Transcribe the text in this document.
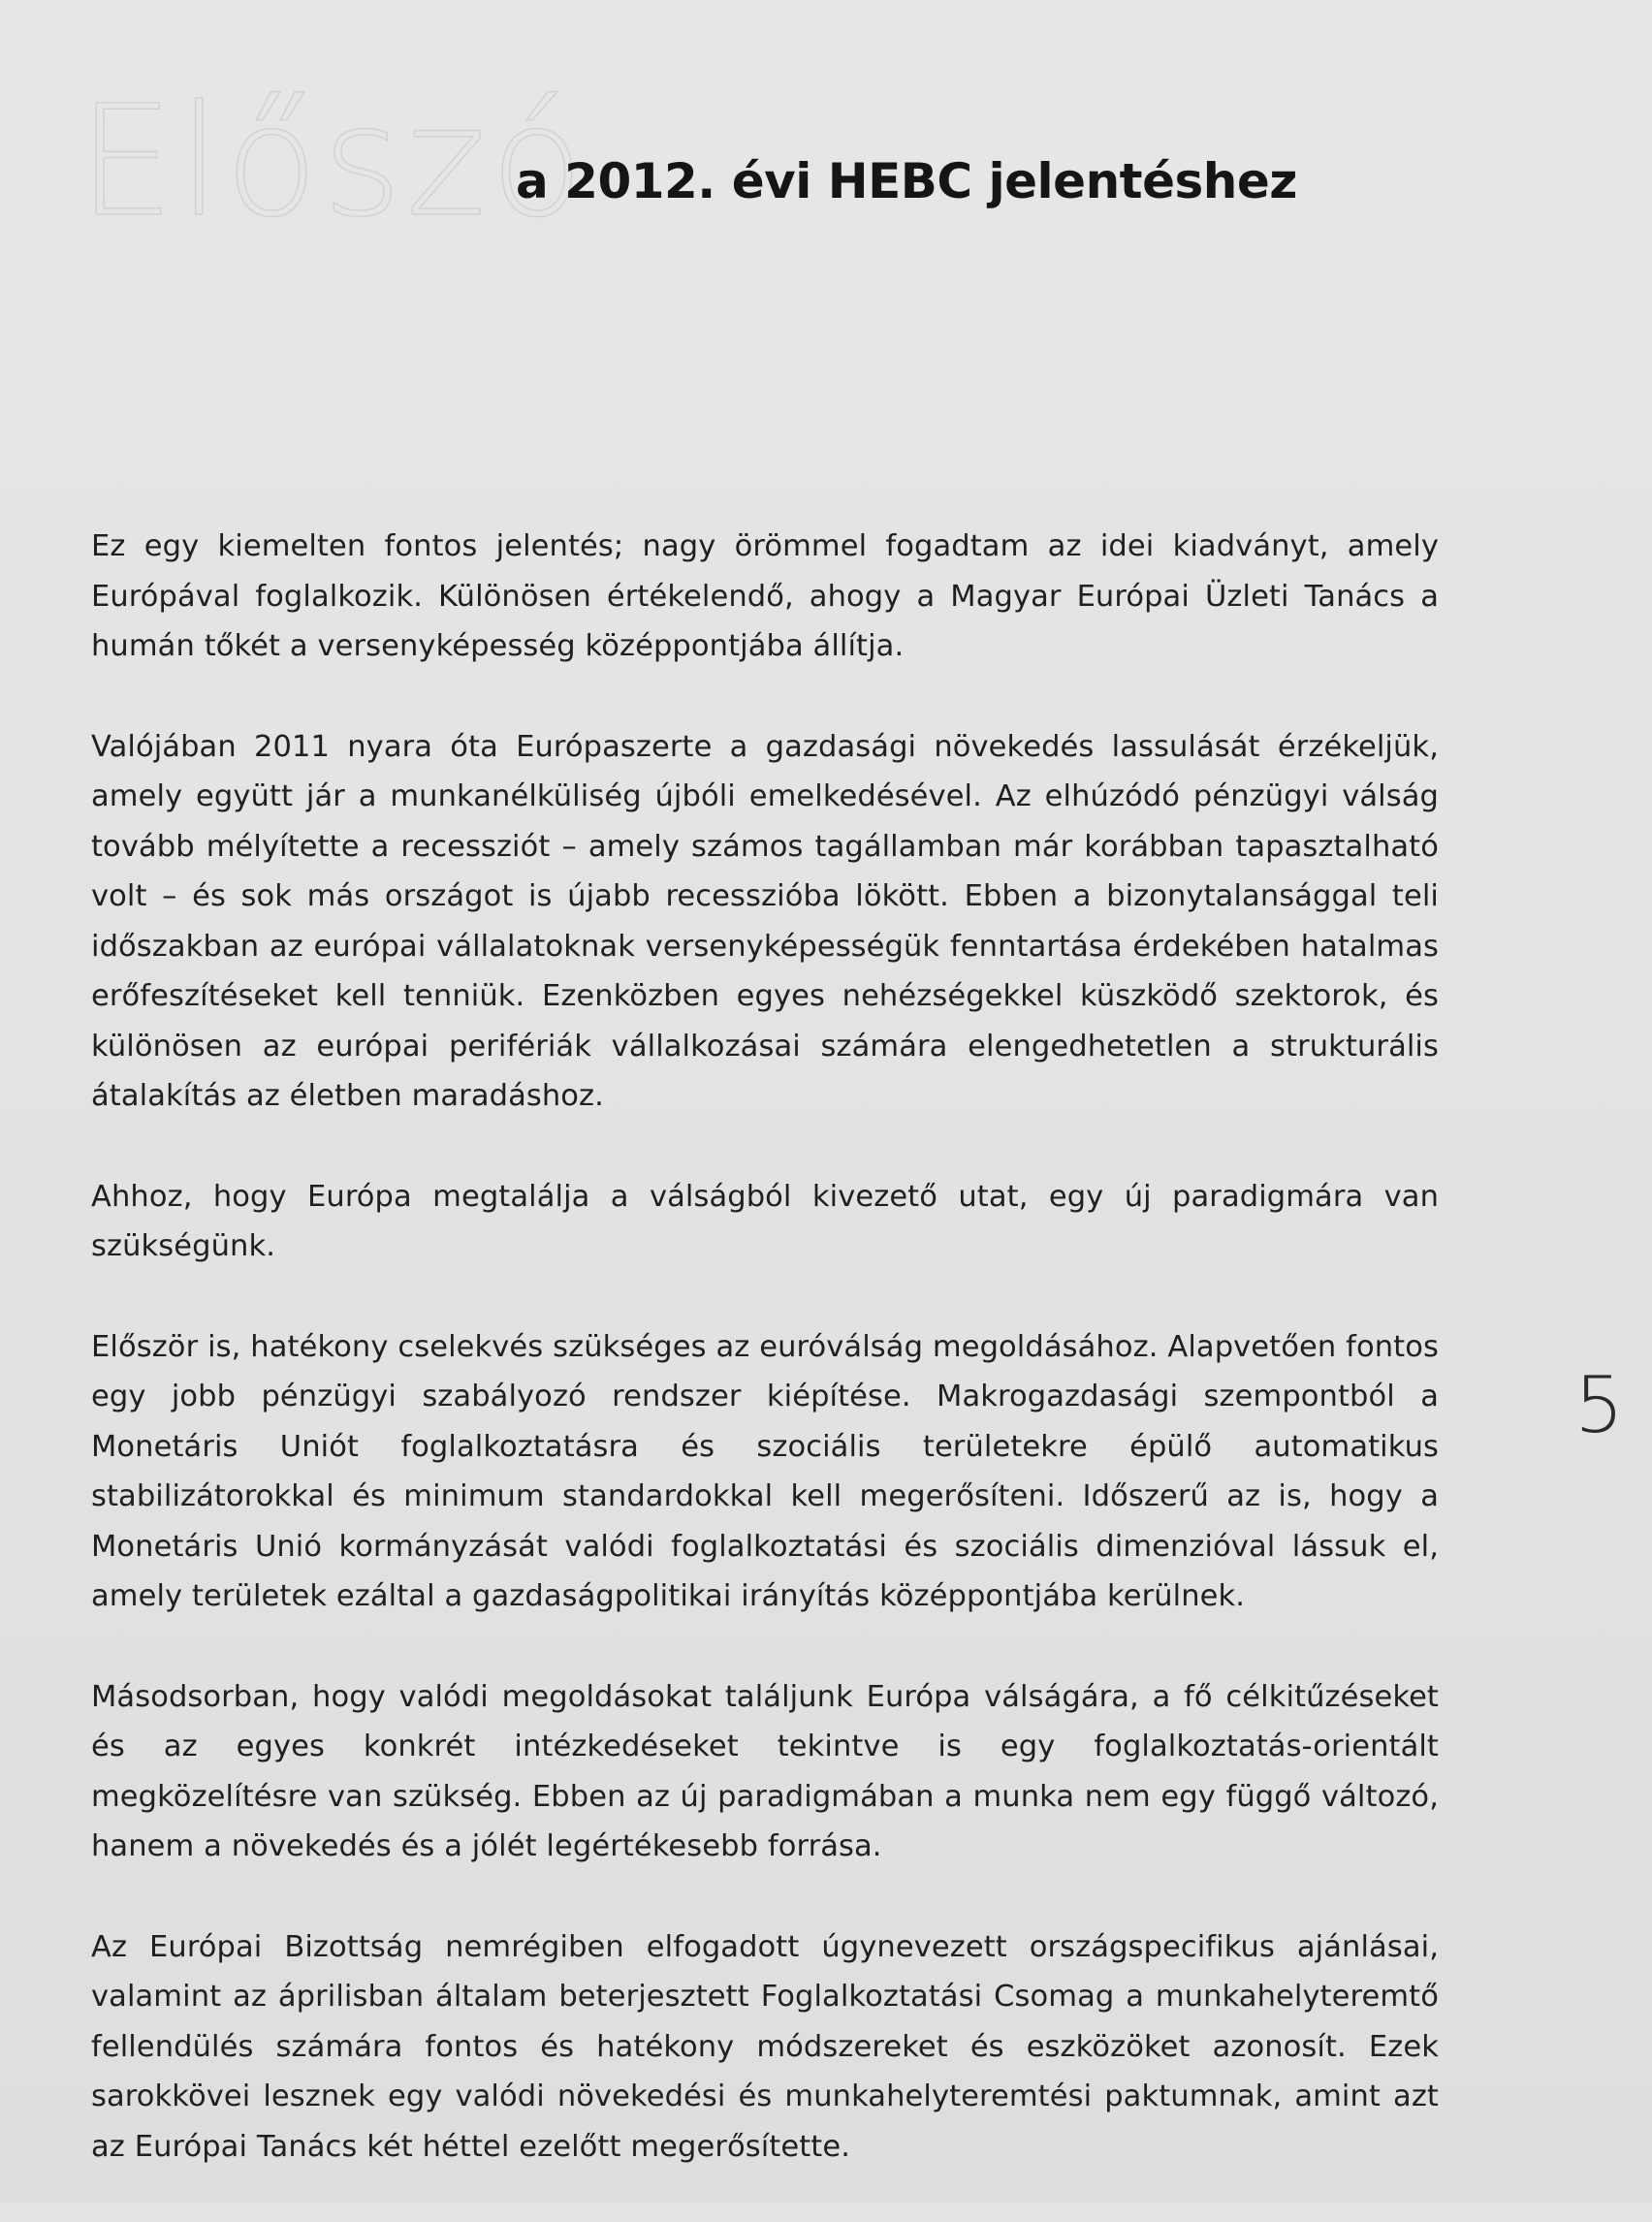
Előszó
a 2012. évi HEBC jelentéshez

Ez egy kiemelten fontos jelentés; nagy örömmel fogadtam az idei kiadványt, amely Európával foglalkozik. Különösen értékelendő, ahogy a Magyar Európai Üzleti Tanács a humán tőkét a versenyképesség középpontjába állítja.

Valójában 2011 nyara óta Európaszerte a gazdasági növekedés lassulását érzékeljük, amely együtt jár a munkanélküliség újbóli emelkedésével. Az elhúzódó pénzügyi válság tovább mélyítette a recessziót – amely számos tagállamban már korábban tapasztalható volt – és sok más országot is újabb recesszióba lökött. Ebben a bizonytalansággal teli időszakban az európai vállalatoknak versenyképességük fenntartása érdekében hatalmas erőfeszítéseket kell tenniük. Ezenközben egyes nehézségekkel küszködő szektorok, és különösen az európai perifériák vállalkozásai számára elengedhetetlen a strukturális átalakítás az életben maradáshoz.

Ahhoz, hogy Európa megtalálja a válságból kivezető utat, egy új paradigmára van szükségünk.

Először is, hatékony cselekvés szükséges az euróválság megoldásához. Alapvetően fontos egy jobb pénzügyi szabályozó rendszer kiépítése. Makrogazdasági szempontból a Monetáris Uniót foglalkoztatásra és szociális területekre épülő automatikus stabilizátorokkal és minimum standardokkal kell megerősíteni. Időszerű az is, hogy a Monetáris Unió kormányzását valódi foglalkoztatási és szociális dimenzióval lássuk el, amely területek ezáltal a gazdaságpolitikai irányítás középpontjába kerülnek.

Másodsorban, hogy valódi megoldásokat találjunk Európa válságára, a fő célkitűzéseket és az egyes konkrét intézkedéseket tekintve is egy foglalkoztatás-orientált megközelítésre van szükség. Ebben az új paradigmában a munka nem egy függő változó, hanem a növekedés és a jólét legértékesebb forrása.

Az Európai Bizottság nemrégiben elfogadott úgynevezett országspecifikus ajánlásai, valamint az áprilisban általam beterjesztett Foglalkoztatási Csomag a munkahelyteremtő fellendülés számára fontos és hatékony módszereket és eszközöket azonosít. Ezek sarokkövei lesznek egy valódi növekedési és munkahelyteremtési paktumnak, amint azt az Európai Tanács két héttel ezelőtt megerősítette.

5
